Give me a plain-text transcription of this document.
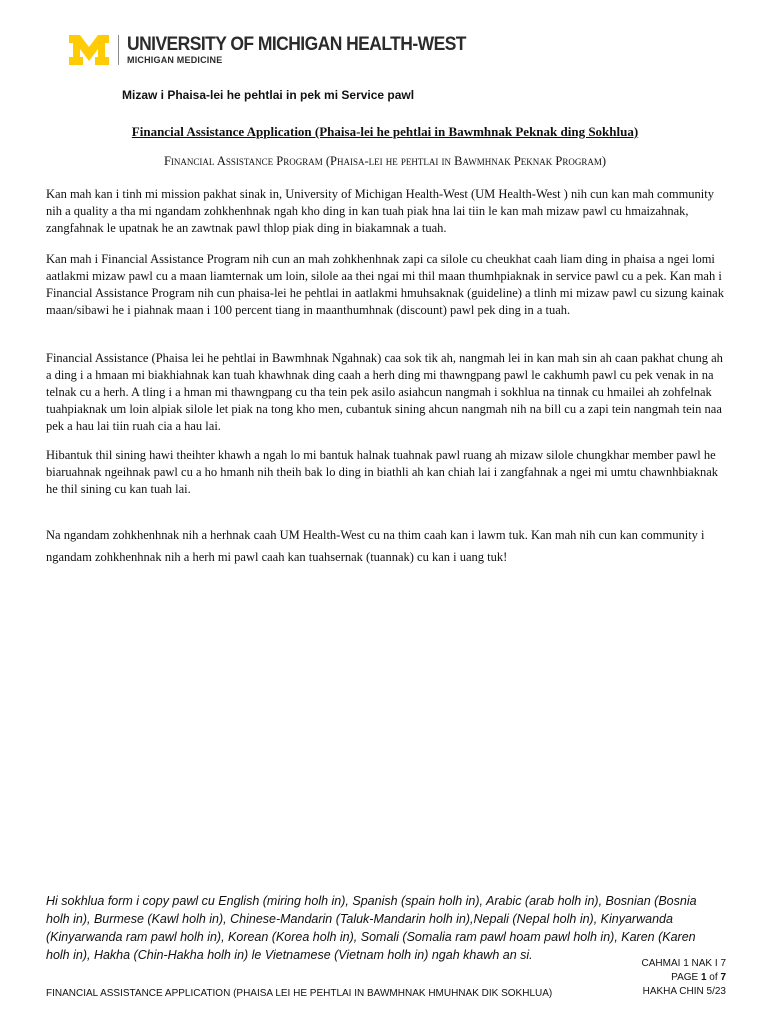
UNIVERSITY OF MICHIGAN HEALTH-WEST
MICHIGAN MEDICINE
Mizaw i Phaisa-lei he pehtlai in pek mi Service pawl
Financial Assistance Application (Phaisa-lei he pehtlai in Bawmhnak Peknak ding Sokhlua)
Financial Assistance Program (Phaisa-lei he pehtlai in Bawmhnak Peknak Program)

Kan mah kan i tinh mi mission pakhat sinak in, University of Michigan Health-West (UM Health-West ) nih cun kan mah community nih a quality a tha mi ngandam zohkhenhnak ngah kho ding in kan tuah piak hna lai tiin le kan mah mizaw pawl cu hmaizahnak, zangfahnak le upatnak he an zawtnak pawl thlop piak ding in biakamnak a tuah.

Kan mah i Financial Assistance Program nih cun an mah zohkhenhnak zapi ca silole cu cheukhat caah liam ding in phaisa a ngei lomi aatlakmi mizaw pawl cu a maan liamternak um loin, silole aa thei ngai mi thil maan thumhpiaknak in service pawl cu a pek. Kan mah i Financial Assistance Program nih cun phaisa-lei he pehtlai in aatlakmi hmuhsaknak (guideline) a tlinh mi mizaw pawl cu sizung kainak maan/sibawi he i piahnak maan i 100 percent tiang in maanthumhnak (discount) pawl pek ding in a tuah.

Financial Assistance (Phaisa lei he pehtlai in Bawmhnak Ngahnak) caa sok tik ah, nangmah lei in kan mah sin ah caan pakhat chung ah a ding i a hmaan mi biakhiahnak kan tuah khawhnak ding caah a herh ding mi thawngpang pawl le cakhumh pawl cu pek venak in na telnak cu a herh. A tling i a hman mi thawngpang cu tha tein pek asilo asiahcun nangmah i sokhlua na tinnak cu hmailei ah zohfelnak tuahpiaknak um loin alpiak silole let piak na tong kho men, cubantuk sining ahcun nangmah nih na bill cu a zapi tein nangmah tein naa pek a hau lai tiin ruah cia a hau lai.

Hibantuk thil sining hawi theihter khawh a ngah lo mi bantuk halnak tuahnak pawl ruang ah mizaw silole chungkhar member pawl he biaruahnak ngeihnak pawl cu a ho hmanh nih theih bak lo ding in biathli ah kan chiah lai i zangfahnak a ngei mi umtu chawnhbiaknak he thil sining cu kan tuah lai.

Na ngandam zohkhenhnak nih a herhnak caah UM Health-West cu na thim caah kan i lawm tuk. Kan mah nih cun kan community i ngandam zohkhenhnak nih a herh mi pawl caah kan tuahsernak (tuannak) cu kan i uang tuk!

Hi sokhlua form i copy pawl cu English (miring holh in), Spanish (spain holh in), Arabic (arab holh in), Bosnian (Bosnia holh in), Burmese (Kawl holh in), Chinese-Mandarin (Taluk-Mandarin holh in),Nepali (Nepal holh in), Kinyarwanda (Kinyarwanda ram pawl holh in), Korean (Korea holh in), Somali (Somalia ram pawl hoam pawl holh in), Karen (Karen holh in), Hakha (Chin-Hakha holh in) le Vietnamese (Vietnam holh in) ngah khawh an si.

CAHMAI 1 NAK I 7
PAGE 1 of 7
HAKHA CHIN 5/23
FINANCIAL ASSISTANCE APPLICATION (PHAISA LEI HE PEHTLAI IN BAWMHNAK HMUHNAK DIK SOKHLUA)
